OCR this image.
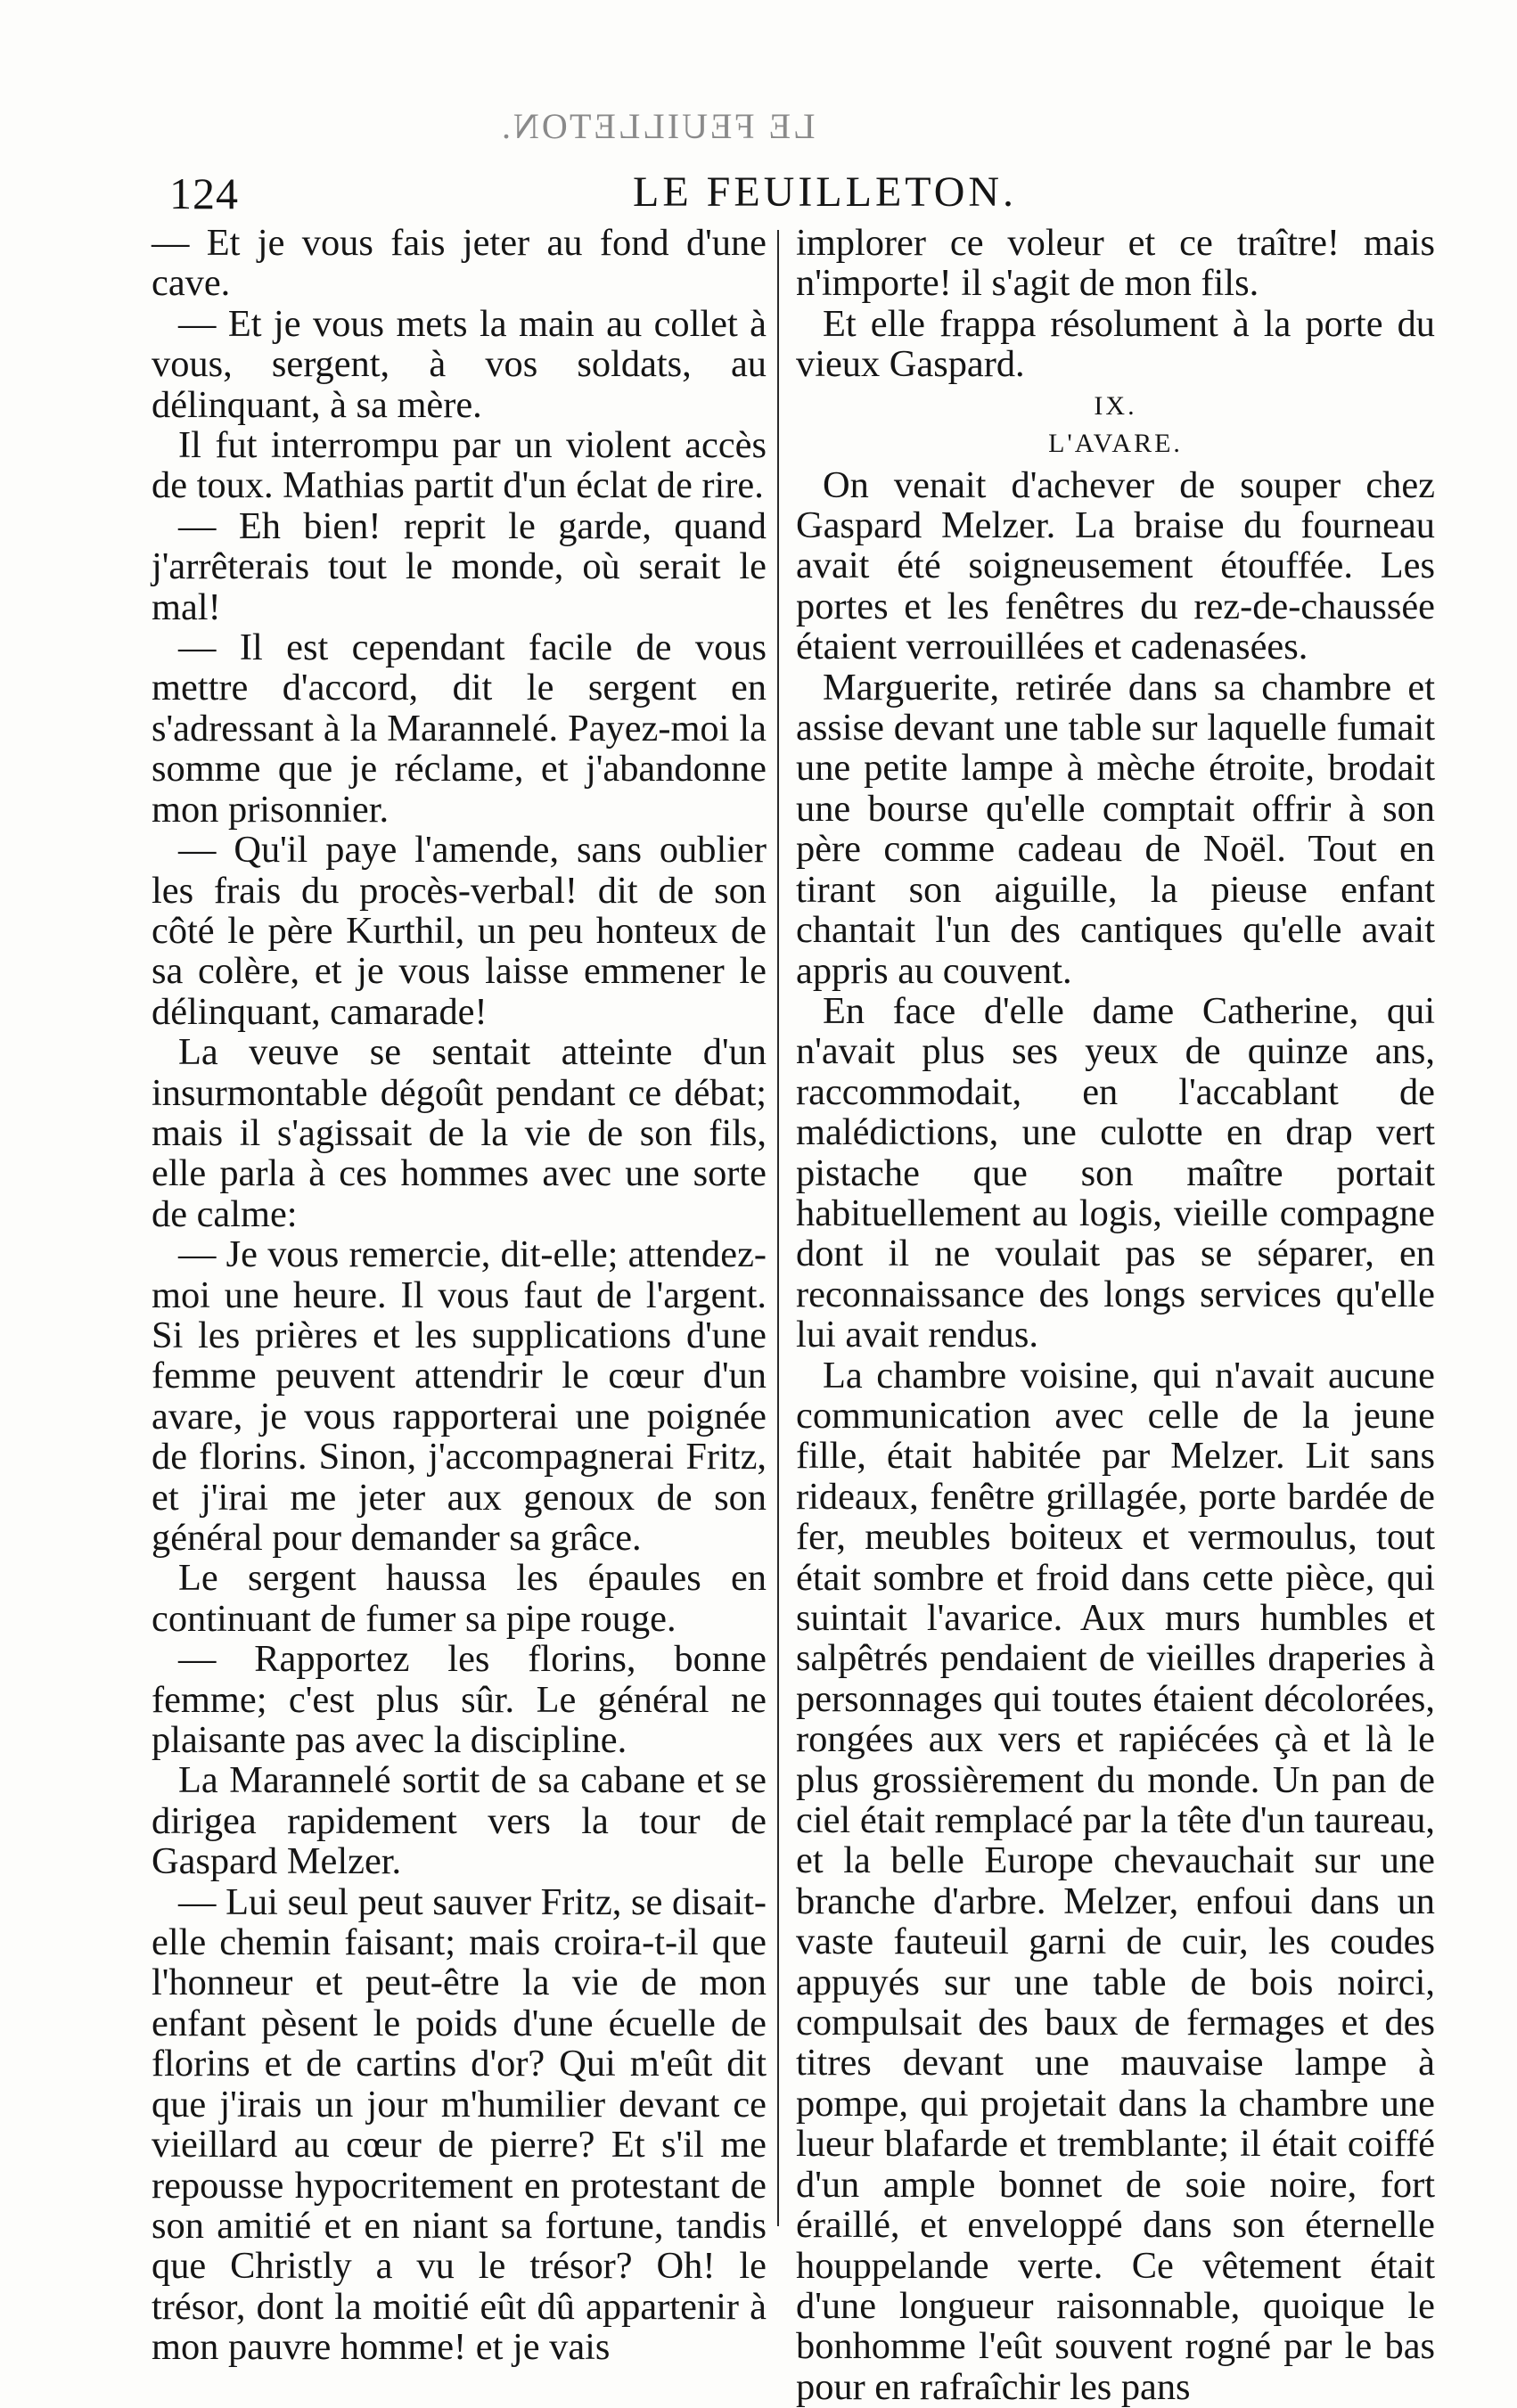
LE FEUILLETON.
124	LE FEUILLETON.

— Et je vous fais jeter au fond d'une cave.

— Et je vous mets la main au collet à vous, sergent, à vos soldats, au délinquant, à sa mère.

Il fut interrompu par un violent accès de toux. Mathias partit d'un éclat de rire.

— Eh bien! reprit le garde, quand j'arrêterais tout le monde, où serait le mal!

— Il est cependant facile de vous mettre d'accord, dit le sergent en s'adressant à la Marannelé. Payez-moi la somme que je réclame, et j'abandonne mon prisonnier.

— Qu'il paye l'amende, sans oublier les frais du procès-verbal! dit de son côté le père Kurthil, un peu honteux de sa colère, et je vous laisse emmener le délinquant, camarade!

La veuve se sentait atteinte d'un insurmontable dégoût pendant ce débat; mais il s'agissait de la vie de son fils, elle parla à ces hommes avec une sorte de calme:

— Je vous remercie, dit-elle; attendez-moi une heure. Il vous faut de l'argent. Si les prières et les supplications d'une femme peuvent attendrir le cœur d'un avare, je vous rapporterai une poignée de florins. Sinon, j'accompagnerai Fritz, et j'irai me jeter aux genoux de son général pour demander sa grâce.

Le sergent haussa les épaules en continuant de fumer sa pipe rouge.

— Rapportez les florins, bonne femme; c'est plus sûr. Le général ne plaisante pas avec la discipline.

La Marannelé sortit de sa cabane et se dirigea rapidement vers la tour de Gaspard Melzer.

— Lui seul peut sauver Fritz, se disait-elle chemin faisant; mais croira-t-il que l'honneur et peut-être la vie de mon enfant pèsent le poids d'une écuelle de florins et de cartins d'or? Qui m'eût dit que j'irais un jour m'humilier devant ce vieillard au cœur de pierre? Et s'il me repousse hypocritement en protestant de son amitié et en niant sa fortune, tandis que Christly a vu le trésor? Oh! le trésor, dont la moitié eût dû appartenir à mon pauvre homme! et je vais

implorer ce voleur et ce traître! mais n'importe! il s'agit de mon fils.

Et elle frappa résolument à la porte du vieux Gaspard.

IX.
L'AVARE.

On venait d'achever de souper chez Gaspard Melzer. La braise du fourneau avait été soigneusement étouffée. Les portes et les fenêtres du rez-de-chaussée étaient verrouillées et cadenasées.

Marguerite, retirée dans sa chambre et assise devant une table sur laquelle fumait une petite lampe à mèche étroite, brodait une bourse qu'elle comptait offrir à son père comme cadeau de Noël. Tout en tirant son aiguille, la pieuse enfant chantait l'un des cantiques qu'elle avait appris au couvent.

En face d'elle dame Catherine, qui n'avait plus ses yeux de quinze ans, raccommodait, en l'accablant de malédictions, une culotte en drap vert pistache que son maître portait habituellement au logis, vieille compagne dont il ne voulait pas se séparer, en reconnaissance des longs services qu'elle lui avait rendus.

La chambre voisine, qui n'avait aucune communication avec celle de la jeune fille, était habitée par Melzer. Lit sans rideaux, fenêtre grillagée, porte bardée de fer, meubles boiteux et vermoulus, tout était sombre et froid dans cette pièce, qui suintait l'avarice. Aux murs humbles et salpêtrés pendaient de vieilles draperies à personnages qui toutes étaient décolorées, rongées aux vers et rapiécées çà et là le plus grossièrement du monde. Un pan de ciel était remplacé par la tête d'un taureau, et la belle Europe chevauchait sur une branche d'arbre. Melzer, enfoui dans un vaste fauteuil garni de cuir, les coudes appuyés sur une table de bois noirci, compulsait des baux de fermages et des titres devant une mauvaise lampe à pompe, qui projetait dans la chambre une lueur blafarde et tremblante; il était coiffé d'un ample bonnet de soie noire, fort éraillé, et enveloppé dans son éternelle houppelande verte. Ce vêtement était d'une longueur raisonnable, quoique le bonhomme l'eût souvent rogné par le bas pour en rafraîchir les pans
